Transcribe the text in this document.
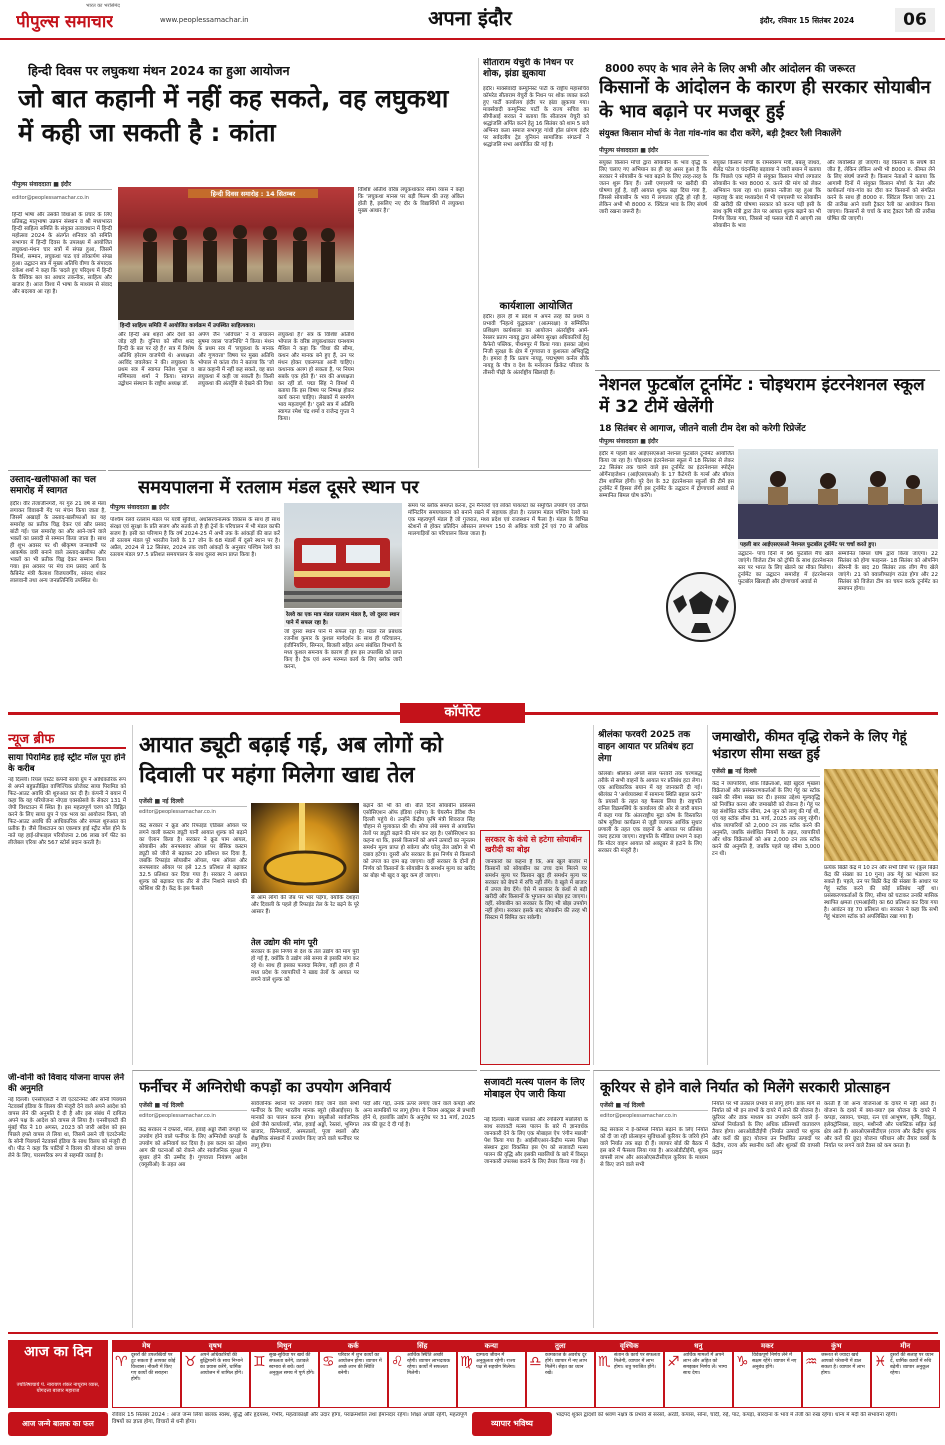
पीपुल्स समाचार
भारत का भरोसेमंद
www.peoplessamachar.in	अपना इंदौर	इंदौर, रविवार 15 सितंबर 2024	06
हिन्दी दिवस पर लघुकथा मंथन 2024 का हुआ आयोजन
जो बात कहानी में नहीं कह सकते, वह लघुकथा में कही जा सकती है : कांता
पीपुल्स संवाददाता ■ इंदौर
editor@peoplessamachar.co.in
हिन्दी भाषा और उसकी विधाओं के प्रचार के लिए प्रतिबद्ध मातृभाषा उन्नयन संस्थान व श्री मध्यभारत हिन्दी साहित्य समिति के संयुक्त तत्वावधान में हिन्दी महोत्सव 2024 के अंतर्गत शनिवार को समिति सभागार में हिन्दी दिवस के उपलक्ष्य में आयोजित लघुकथा-मंथन चार सत्रों में संपन्न हुआ, जिसमें विमर्श, सम्मान, लघुकथा पाठ एवं लोकार्पण संपन्न हुआ। उद्घाटन सत्र में मुख्य अतिथि वीणा के संपादक राकेश शर्मा ने कहा कि 'बदले हुए परिदृश्य में हिन्दी के वैश्विक बल का आधार तकनीक, साहित्य और बाजार है। आज विश्व में भाषा के माध्यम से संवाद और बदलाव आ रहा है।
हिन्दी दिवस समारोह : 14 सितम्बर
हिन्दी साहित्य समिति में आयोजित कार्यक्रम में उपस्थित साहित्यकार।
और हिन्दी अब शहरों और देशों को जोड़ रही है। दुनिया को सौंपा शब्द हिन्दी के बल पर रहे हैं।' सत्र में विशेष अतिथि हरेराम वाजपेयी थे। अध्यक्षता अरविंद जवलेकर ने की। लघुकथा के प्रथम सत्र में स्वागत नितेश गुप्ता व मणिमाला शर्मा ने किया। स्वागत उद्बोधन संस्थान के राष्ट्रीय अध्यक्ष डॉ.
अर्पण जैन 'अविचल' ने व संचालन सुषमा व्यास 'राजनिधि' ने किया। मंथन के प्रथम सत्र में 'लघुकथा के मानक और गुणवत्ता' विषय पर मुख्य अतिथि भोपाल से कांता रॉय ने बताया कि 'जो बात कहानी में नहीं कह सकते, वह बात लघुकथा में कही जा सकती है। किसी लघुकथा की अंतर्दृष्टि से देखने की विधा
लघुकथा है।' सत्र के विशिष्ट अतिथि भोपाल के वरिष्ठ लघुकथाकार घनश्याम मैथिल ने कहा कि 'विधा की सीमा, कथन और मानक बने हुए हैं, उन पर मंथन होकर एकरूपता आनी चाहिए। कथानक अलग हो सकता है, पर नियम सबके एक होते हैं।' सत्र की अध्यक्षता कर रहीं डॉ. पद्मा सिंह ने विमर्श में बताया कि इस विषय पर निष्पक्ष होकर कार्य करना चाहिए। लेखकों में समर्पण भाव महत्वपूर्ण है।' दूसरे सत्र में अतिथि स्वागत रमेश चंद्र शर्मा व राजेन्द्र गुप्ता ने किया।
विशिष्ट अतिथि वरिष्ठ लघुकथाकार सीमा व्यास ने कहा कि 'लघुकथा मानस पर बड़ी फिल्म की तरह अंकित होती है, इसलिए नए दौर के विद्यार्थियों में लघुकथा मुख्य आधार है।'
सीताराम येचुरी के निधन पर शोक, झंडा झुकाया
इंदौर। मार्क्सवादी कम्युनिस्ट पार्टी के राष्ट्रीय महासचिव कॉमरेड सीताराम येचुरी के निधन पर शोक व्यक्त करते हुए पार्टी कार्यालय इंदौर पर झंडा झुकाया गया। मार्क्सवादी कम्युनिस्ट पार्टी के राज्य सचिव का सीपीआई सरवत ने बताया कि सीताराम येचुरी को श्रद्धांजलि अर्पित करने हेतु 16 सितंबर को शाम 5 बजे अभिनव कला समाज सभागृह गांधी हॉल प्रांगण इंदौर पर सर्वदलीय ट्रेड यूनियन सामाजिक संगठनों ने श्रद्धांजलि सभा आयोजित की गई है।
कार्यशाला आयोजित
इंदौर। हाल ही में प्रदेश में अपने तरह की प्रथम व प्रभावी 'निहत्थे युद्धकला' (आत्मरक्षा) व सम्मिलित प्रशिक्षण कार्यशाला का आयोजन अंतर्राष्ट्रीय आर्म-रेसलर प्रताप नायडू द्वारा ओमेगा सुरक्षा अधिकारियों हेतु कैफेरो पब्लिक, पीथमपुर में किया गया। इसका उद्देश्य निजी सुरक्षा के क्षेत्र में गुणवत्ता व कुशलता अभिवृद्धि है। हमारा है कि प्रताप नायडू, पद्मभूषण कर्नल सीके नायडू के पौत्र व देश के मनोरजन क्रिकेट परिवार के तीसरी पीढ़ी के अंतर्राष्ट्रीय खिलाड़ी हैं।
8000 रुपए के भाव लेने के लिए अभी और आंदोलन की जरूरत
किसानों के आंदोलन के कारण ही सरकार सोयाबीन के भाव बढ़ाने पर मजबूर हुई
संयुक्त किसान मोर्चा के नेता गांव-गांव का दौरा करेंगे, बड़ी ट्रैक्टर रैली निकालेंगे
पीपुल्स संवाददाता ■ इंदौर
संयुक्त किसान मोर्चा द्वारा सोयाबीन के भाव वृद्धि के लिए चलाए गए अभियान का ही यह असर हुआ है कि सरकार ने सोयाबीन के भाव बढ़ाने के लिए तरह-तरह के जतन शुरू किए हैं। उसी एमएसपी पर खरीदी की घोषणा हुई है, वहीं आयात शुल्क बढ़ा दिया गया है, जिससे सोयाबीन के भाव में लगातार वृद्धि हो रही है, लेकिन अभी भी 8000 रु. क्विंटल भाव के लिए संघर्ष जारी रखना जरूरी है।
संयुक्त किसान मोर्चा के रामस्वरूप मंत्री, बबलू जाधव, शैलेंद्र पटेल व चंदनसिंह बड़वाया ने जारी बयान में बताया कि पिछले एक महीने से संयुक्त किसान मोर्चा लगातार सोयाबीन के भाव 8000 रु. करने की मांग को लेकर अभियान चला रहा था। इसका नतीजा यह हुआ कि महाराष्ट्र के बाद मध्यप्रदेश में भी एमएसपी पर सोयाबीन की खरीदी की घोषणा सरकार को करना पड़ी इसी के साथ कृषि मंत्री द्वारा तेल पर आयात शुल्क बढ़ाने का भी निर्णय किया गया, जिससे नई फसल मंडी में आएगी तब सोयाबीन के भाव
और व्यवस्थित हो जाएंगी। यह किसानों के संघर्ष की जीत है, लेकिन लेकिन अभी भी 8000 रु. कीमत लेने के लिए संघर्ष जरूरी है। किसान नेताओं ने बताया कि आगामी दिनों में संयुक्त किसान मोर्चा के नेता और कार्यकर्ता गांव-गांव का दौरा कर किसानों को संगठित करने के साथ ही 8000 रु. क्विंटल किया जाए। 21 की तारीख आने वाली ट्रैक्टर रैली का आयोजन किया जाएगा। किसानों से चर्चा के बाद ट्रैक्टर रैली की तारीख घोषित की जाएगी।
नेशनल फुटबॉल टूर्नामेंट : चोइथराम इंटरनेशनल स्कूल में 32 टीमें खेलेंगी
18 सितंबर से आगाज, जीतने वाली टीम देश को करेगी रिप्रेजेंट
पीपुल्स संवाददाता ■ इंदौर
इंदौर में पहली बार आईएसएसओ नेशनल फुटबॉल टूर्नामेंट आयोजित किया जा रहा है। चोइथराम इंटरनेशनल स्कूल में 18 सितंबर से लेकर 22 सितंबर तक चलने वाले इस टूर्नामेंट का इंटरनेशनल स्पोर्ट्स ऑर्गेनाइजेशन (आईएसएसओ) के 17 कैटेगरी के गर्ल्स और बॉयज टीम शामिल होंगी। पूरे देश के 32 इंटरनेशनल स्कूलों की टीमें इस टूर्नामेंट में हिस्सा लेंगी इस टूर्नामेंट के उद्घाटन में द्रोणाचार्य अवार्ड से सम्मानित बिमल घोष करेंगे।
पहली बार आईएसएसओ नेशनल फुटबॉल टूर्नामेंट पर चर्चा करते हुए।
उद्घाटन- पांच दिनों में 96 फुटबॉल मैच खेले जाएंगे। विजेता टीम को ट्रॉफी के साथ इंटरनेशनल स्तर पर भारत के लिए खेलने का मौका मिलेगा। टूर्नामेंट का उद्घाटन समारोह में इंटरनेशनल फुटबॉल खिलाड़ी और द्रोणाचार्य अवार्ड से
सम्मानित बिमल घोष द्वारा किया जाएगा। 22 सितंबर को होगा फाइनल- 18 सितंबर को ओपनिंग सेरेमनी के बाद 20 सितंबर तक लीग मैच खेले जाएंगे। 21 को क्वालीफाइंग राउंड होगा और 22 सितंबर को विजेता टीम का चयन करके टूर्नामेंट का समापन होगा।
उस्ताद-खलीफाओं का चल समारोह में स्वागत
इंदौर। वीर तेजाजीनगरी, गर गुरु 21 वर्ष से मेला लगाकर विवाबनी गेंद पर मंचन किया जाता है, जिसमें अखाड़ों के उस्ताद-खलीफाओं का यह समारोह का प्रतीक चिह्न देकर एवं खीर प्रसाद बांटी गई। चल समारोह का और आने-जाने वाले भक्तों का प्रसादी से सम्मान किया जाता है। साथ ही शुभ अवसर पर थी श्रीकृष्ण जन्माष्टमी पर आकर्षक छत्री बनाने वाले उस्ताद-खलीफा और भक्तों का भी प्रतीक चिह्न देकर सम्मान किया गया। इस अवसर पर मंच राम प्रसाद आर्य के कैबिनेट मंत्री कैलाश विजयवर्गीय, सांसद शंकर लालवानी तथा अन्य जनप्रतिनिधि उपस्थित थे।
समयपालना में रतलाम मंडल दूसरे स्थान पर
पीपुल्स संवाददाता ■ इंदौर
पश्चिम रेलवे रतलाम मंडल पर यात्री सुविधा, अधोसंरचनात्मक विकास के साथ ही साथ संरक्षा एवं सुरक्षा के प्रति सजग और सतर्क तो है ही ट्रेनों के परिचालन में भी मंडल काफी सजग है। इसी का परिणाम है कि वर्ष 2024-25 में अभी तक के आंकड़ों की बात करें तो रतलाम मंडल पूरे भारतीय रेलवे के 17 जोन के 68 मंडलों में दूसरे स्थान पर है। अप्रैल, 2024 से 12 सितंबर, 2024 तक जारी आंकड़ों के अनुसार पश्चिम रेलवे का रतलाम मंडल 97.5 प्रतिशत समयपालन के साथ दूसरा स्थान प्राप्त किया है।
रेलवे का एक मात्र मंडल रतलाम मंडल है, जो दूसरा स्थान पाने में सफल रहा है।
जो दूसरा स्थान पाने में सफल रहा है। मंडल रेल प्रबंधक रजनीश कुमार के कुशल मार्गदर्शन के साथ ही परिचालन, इंजीनियरिंग, सिग्नल, बिजली सहित अन्य संबंधित विभागों के मध्य कुशल समन्वय के कारण ही हम इस उपलब्धि को प्राप्त किए हैं। ट्रैक एवं अन्य मरम्मत कार्य के लिए ब्लॉक जारी करना,
समय पर ब्लॉक समाप्त करना, ट्रेन मैनेजरों एवं लोको पायलटों का समुचित उपयोग एवं उचित मॉनिटरिंग समयपालना को बनाने रखने में सहायक होता है। रतलाम मंडल पश्चिम रेलवे का एक महत्वपूर्ण मंडल है जो गुजरात, मध्य प्रदेश एवं राजस्थान में फैला है। मंडल के विभिन्न स्टेशनों से होकर प्रतिदिन औसतन लगभग 150 से अधिक यात्री ट्रेनें एवं 70 से अधिक मालगाड़ियों का परिचालन किया जाता है।
कॉर्पोरेट
न्यूज ब्रीफ
साया पिरामिड हाई स्ट्रीट मॉल पूरा होने के करीब
नई दिल्ली। रियल एस्टेट कंपनी साया ग्रुप ने आधिकारिक रूप से अपने बहुप्रतीक्षित वाणिज्यिक प्रोजेक्ट साया पिरामिड को फिट-आउट अवधि की शुरुआत कर दी है। कंपनी ने बयान में कहा कि यह परियोजना नोएडा एक्सप्रेसवे के सेक्टर 131 में जेपी विशटाउन में स्थित है। इस महत्वपूर्ण चरण को चिह्नित करने के लिए साया ग्रुप ने एक भव्य का आयोजन किया, जो फिट-आउट अवधि की आधिकारिक और सफल शुरुआत का प्रतीक है। जैसे विशटाउन का एकमात्र हाई स्ट्रीट मॉल होने के नाते यह हाई-प्रोफाइल परियोजना 2.06 लाख वर्ग फीट का लीजेबल एरिया और 567 स्टोर्स प्रदान करती है।
जी-वोनी को विवाद योजना वापस लेने की अनुमति
नई दिल्ली। एनसीएलटी ने जी एंटरटेनमेंट और सोनी पिक्चर्स नेटवर्क्स इंडिया के विलय की मंजूरी देने वाले अपने आदेश को वापस लेने की अनुमति दे दी है और इस संबंध में दायित्व अपने पक्ष के आदेश को वापस ले लिया है। एनसीएलटी की मुंबई पीठ ने 10 अगस्त, 2023 को जारी आदेश को इस पिछले हफ्ते वापस ले लिया था, जिसमें उसने जी एंटरटेनमेंट के सोनी पिक्चर्स नेटवर्क्स इंडिया के साथ विलय को मंजूरी दी थी। पीठ ने कहा कि पार्टियों ने विलय की योजना को वापस लेने के लिए, पारस्परिक रूप से सहमति जताई है।
आयात ड्यूटी बढ़ाई गई, अब लोगों को दिवाली पर महंगा मिलेगा खाद्य तेल
एजेंसी ■ नई दिल्ली
editor@peoplessamachar.co.in
केंद्र सरकार ने क्रूड और रिफाइंड एडिबल ऑयल पर लगने वाली कस्टम ड्यूटी यानी आयात शुल्क को बढ़ाने का ऐलान किया है। सरकार ने क्रूड पाम आयल, सोयाबीन और सनफ्लावर ऑयल पर बेसिक कस्टम ड्यूटी को जीरो से बढ़ाकर 20 प्रतिशत कर दिया है, जबकि रिफाइंड सोयाबीन ऑयल, पाम ऑयल और सनफ्लावर ऑयल पर इसे 12.5 प्रतिशत से बढ़ाकर 32.5 प्रतिशत कर दिया गया है। सरकार ने आयात शुल्क को बढ़ाकर एक तीर से तीन निशाने साधने की कोशिश की है। केंद्र के इस फैसले
से आम लोगों की जेब पर भार पड़ेगा, क्योंकि दशहरा और दिवाली के पहले ही रिफाइंड तेल के रेट बढ़ने के पूरे आसार हैं।
तेल उद्योग की मांग पूरी
सरकार के इस निर्णय से देश के तेल उद्योग की मांग पूरी हो गई है, क्योंकि वे उद्योग लंबे समय से इसकी मांग कर रहे थे। साथ ही इसका फायदा मिलेगा, वहीं हाल ही में मध्य प्रदेश के व्यापारियों ने खाद्य तेलों के आयात पर लगने वाले शुल्क को
बढ़ाने की भी की थी। बीते दिनों सोयाबीन प्रोसेसर्स एसोसिएशन ऑफ इंडिया (सोपा) के चेयरमैन डेविश जैन दिल्ली पहुंचे थे। उन्होंने केंद्रीय कृषि मंत्री शिवराज सिंह चौहान से मुलाकात की थी। सोपा लंबे समय से आयातित तेलों पर ड्यूटी बढ़ाने की मांग कर रहा है। एसोसिएशन का कहना था कि, इससे किसानों को अपने उत्पादों का न्यूनतम समर्थन मूल्य प्राप्त हो सकेगा और घरेलू तेल उद्योग से भी दबाव हटेगा। दूसरी ओर सरकार के इस निर्णय से किसानों को उपज का दाम बढ़ जाएगा। वहीं सरकार के दोनों ही निर्णय को किसानों के सोयाबीन के समर्थन मूल्य का खरीद का बोझ भी खुद व खुद कम हो जाएगा।
सरकार के कंधे से हटेगा सोयाबीन खरीदी का बोझ
जानकारों का कहना है कि, अब खुले बाजार में किसानों को सोयाबीन का उच्च दाम मिलने पर समर्थन मूल्य पर किसान खुद ही समर्थन मूल्य पर सरकार को बेचने में रुचि नहीं लेंगे। वे खुले में बाजार में उपज बेच देंगे। ऐसे में सरकार के कंधों से बड़ी खरीदी और किसानों के भुगतान का बोझ हट जाएगा। वहीं, सोयाबीन का सरकार के लिए भी बोझ उपयोग नहीं होगा। सरकार इसके बाद सोयाबीन की तरह भी सिस्टम में सिमित कर सकेगी।
श्रीलंका फरवरी 2025 तक वाहन आयात पर प्रतिबंध हटा लेगा
कोलंबो। श्रीलंका अगले साल फरवरी तक चरणबद्ध तरीके से सभी वाहनों के आयात पर प्रतिबंध हटा लेगा। एक आधिकारिक बयान में यह जानकारी दी गई। श्रीलंका ने 'अर्थव्यवस्था में सामान्य स्थिति बहाल करने' के प्रयासों के तहत यह फैसला लिया है। राष्ट्रपति रानिल विक्रमसिंघे के कार्यालय की ओर से जारी बयान में कहा गया कि अंतरराष्ट्रीय मुद्रा कोष के विस्तारित कोष सुविधा कार्यक्रम से जुड़ी व्यापक आर्थिक सुधार प्रणाली के तहत एक वाहनों के आयात पर प्रतिबंध जल्द हटाया जाएगा। राष्ट्रपति के मीडिया प्रभाग ने कहा कि मोटर वाहन आयात को अक्टूबर से हटाने के लिए सरकार की मंजूरी है।
जमाखोरी, कीमत वृद्धि रोकने के लिए गेहूं भंडारण सीमा सख्त हुई
एजेंसी ■ नई दिल्ली
केंद्र ने व्यापारियों, थोक विक्रेताओं, बड़ी खुदरा शृंखला विक्रेताओं और प्रसंस्करणकर्ताओं के लिए गेहूं का स्टॉक रखने की सीमा सख्त कर दी। इसका उद्देश्य मूल्यवृद्धि को नियंत्रित करना और जमाखोरी को रोकना है। गेहूं पर यह संशोधित स्टॉक सीमा, 24 जून को लागू की गई थी, एवं यह स्टॉक सीमा 31 मार्च, 2025 तक लागू रहेगी। थोक व्यापारियों को 2,000 टन तक स्टॉक करने की अनुमति, जबकि संशोधित नियमों के तहत, व्यापारियों और थोक विक्रेताओं को अब 2,000 टन तक स्टॉक करने की अनुमति है, जबकि पहले यह सीमा 3,000 टन थी।
प्रत्येक बिक्री केंद्र में 10 टन और सभी डिपो पर (कुल बिक्री केंद्र की संख्या का 10 गुना) तक गेहूं का भंडारण कर सकते हैं। पहले, उन पर बिक्री केंद्र की संख्या के आधार पर गेहूं स्टॉक करने की कोई प्रतिबंध नहीं था। प्रसंस्करणकर्ताओं के लिए, सीमा को घटाकर उनकी मासिक स्थापित क्षमता (एमआईसी) का 60 प्रतिशत कर दिया गया है। आवंटन वह 70 प्रतिशत था। सरकार ने कहा कि सभी गेहूं भंडारण स्टॉक को अपलिखित रखा गया है।
फर्नीचर में अग्निरोधी कपड़ों का उपयोग अनिवार्य
एजेंसी ■ नई दिल्ली
editor@peoplessamachar.co.in
केंद्र सरकार ने दफ्तरों, मॉल, हवाई अड्डों जैसी जगहों पर उपयोग होने वाले फर्नीचर के लिए अग्निरोधी कपड़ों के उपयोग को अनिवार्य कर दिया है। इस कदम का उद्देश्य आग की घटनाओं को रोकने और सार्वजनिक सुरक्षा में सुधार होने की उम्मीद है। गुणवत्ता नियंत्रण आदेश (क्यूसीओ) के तहत अब
सार्वजनिक स्थानों पर उपयोग किए जाने वाले सभी फर्नीचर के लिए भारतीय मानक ब्यूरो (बीआईएस) के मानकों का पालन करना होगा। क्यूसीओ सार्वजनिक क्षेत्रों जैसे कार्यालयों, मॉल, हवाई अड्डों, रेस्तरां, भूमिगत बाजार, सिनेमाघरों, अस्पतालों, पूजा स्थलों और शैक्षणिक संस्थानों में उपयोग किए जाने वाले फर्नीचर पर लागू होगा।
पर्दों और गद्दों, उनके ऊपर लगाए जाने वाले कपड़ों और अन्य सामग्रियों पर लागू होगा। ये नियम अक्टूबर से प्रभावी होने थे, हालांकि उद्योग के अनुरोध पर 31 मार्च, 2025 तक की छूट दे दी गई है।
सजावटी मत्स्य पालन के लिए मोबाइल ऐप जारी किया
नई दिल्ली। मछली पालकों और रंगबिरंगी मछलियों के साथ सजावटी मत्स्य पालन के बारे में ज्ञानवर्धक जानकारी देने के लिए एक मोबाइल ऐप 'रंगीन मछली' पेश किया गया है। आईसीएआर-केंद्रीय मत्स्य शिक्षा संस्थान द्वारा विकसित इस ऐप को सजावटी मत्स्य पालन की वृद्धि और इसकी मछलियों के बारे में विस्तृत जानकारी उपलब्ध कराने के लिए तैयार किया गया है।
कूरियर से होने वाले निर्यात को मिलेंगे सरकारी प्रोत्साहन
एजेंसी ■ नई दिल्ली
editor@peoplessamachar.co.in
केंद्र सरकार ने ई-कॉमर्स निर्यात बढ़ाने के लिए निर्यात को दी जा रही प्रोत्साहन सुविधाओं कूरियर के जरिये होने वाले निर्यात तक बढ़ा दी हैं। व्यापार बोर्ड की बैठक में इस बारे में फैसला लिया गया है। आरओडीटीईपी, शुल्क वापसी लाभ और आरओएसटीसीएल कूरियर के माध्यम से किए जाने वाले सभी
निर्यात पर भी तत्काल प्रभाव से लागू होंगे। डाक मार्ग से निर्यात को भी इन लाभों के दायरे में लाने की योजना है। कूरियर और डाक माध्यम का उपयोग करने वाले ई-कॉमर्स निर्यातकों के लिए अधिक प्रतिस्पर्धी वातावरण तैयार होगा। आरओडीटीईपी (निर्यात उत्पादों पर शुल्क और करों की छूट) योजना उन निर्धारित उत्पादों पर केंद्रीय, राज्य और स्थानीय करों और शुल्कों की वापसी प्रदान
करती है जो अन्य योजनाओं के दायरे में नहीं आते हैं। योजना के दायरे में क्या-क्या? इस योजना के दायरे में कपड़ा, रसायन, चमड़ा, रत्न एवं आभूषण, कृषि, विद्युत, इलेक्ट्रॉनिक्स, वाहन, मशीनरी और प्लास्टिक सहित कई क्षेत्र आते हैं। आरओएससीटीएल (राज्य और केंद्रीय शुल्क और करों की छूट) योजना परिधान और तैयार वस्त्रों के निर्यात पर लगने वाले टैक्स को कम करता है।
आज का दिन
ज्योतिषाचार्य पं. नारायण शंकर नाथूराम व्यास, योगदत्ता बाजार महाराज
मेष
♈ दूसरों की उपलब्धियों पर टूट सकता है आपका कोई विश्वास। नौकरी में किए गए कार्यों की सराहना होगी।
वृषभ
♉ अपने अधिकारियों की बुद्धिमानी के साथ निभाने का प्रयास करेंगे, धार्मिक आयोजन में शामिल होंगे।
मिथुन
♊ सुख-सुविधा पर खर्च की सफलता करेंगे, उतावले स्वभाव से बचें। कार्य अनुकूल समय में पूर्ण होंगे।
कर्क
♋ परिवार में शुभ कार्यों का आयोजन होगा। व्यापार में अच्छे लाभ की स्थिति बनेगी।
सिंह
♌ आर्थिक स्थिति अच्छी रहेगी। व्यापार लाभदायक रहेगा। कार्यों में सफलता मिलेगी।
कन्या
♍ दाम्पत्य जीवन में अनुकूलता रहेगी। राज्य पक्ष से सहयोग मिलेगा।
तुला
♎ कामकाज के अवरोध दूर होंगे। व्यापार में नए लाभ मिलेंगे। सेहत का ध्यान रखें।
वृश्चिक
♏ संतान के कार्य पर सफलता मिलेगी, व्यापार में लाभ होगा। शत्रु पराजित होंगे।
धनु
♐ आर्थिक मामलों में अपने लाभ और अहित को समझकर निर्णय लें। भाग्य साथ देगा।
मकर
♑ विवेकपूर्ण निर्णय लेने में सक्षम रहेंगे। व्यापार में नए अनुबंध होंगे।
कुंभ
♒ जरूरत से ज्यादा खर्च आपको परेशानी में डाल सकता है। व्यापार में लाभ होगा।
मीन
♓ दुसरों की सलाह पर ध्यान दें, धार्मिक कार्यों में रुचि बढ़ेगी। व्यापार अनुकूल रहेगा।
आज जन्मे बालक का फल
रविवार 15 सितंबर 2024 : आज जन्म लिया बालक स्वस्थ, बुद्धि और हृदयस्थ, गंभीर, महत्वाकांक्षी और उदार होगा, पराक्रमशील तथा ईमानदार रहेगा। शिक्षा अच्छी रहेगी, महत्वपूर्ण विषयों का ज्ञाता होगा, विचारों से धनी होगा।	व्यापार भविष्य
भाद्रपद शुक्ल द्वादशी को श्रवण नक्षत्र के प्रभाव से सरसों, अरंडी, कपास, सोना, चांदी, रुई, पाट, कपड़ा, बारदाना के भाव में तेजी का रुख रहेगा। धान्य में मंदी की संभावना रहेगी।
